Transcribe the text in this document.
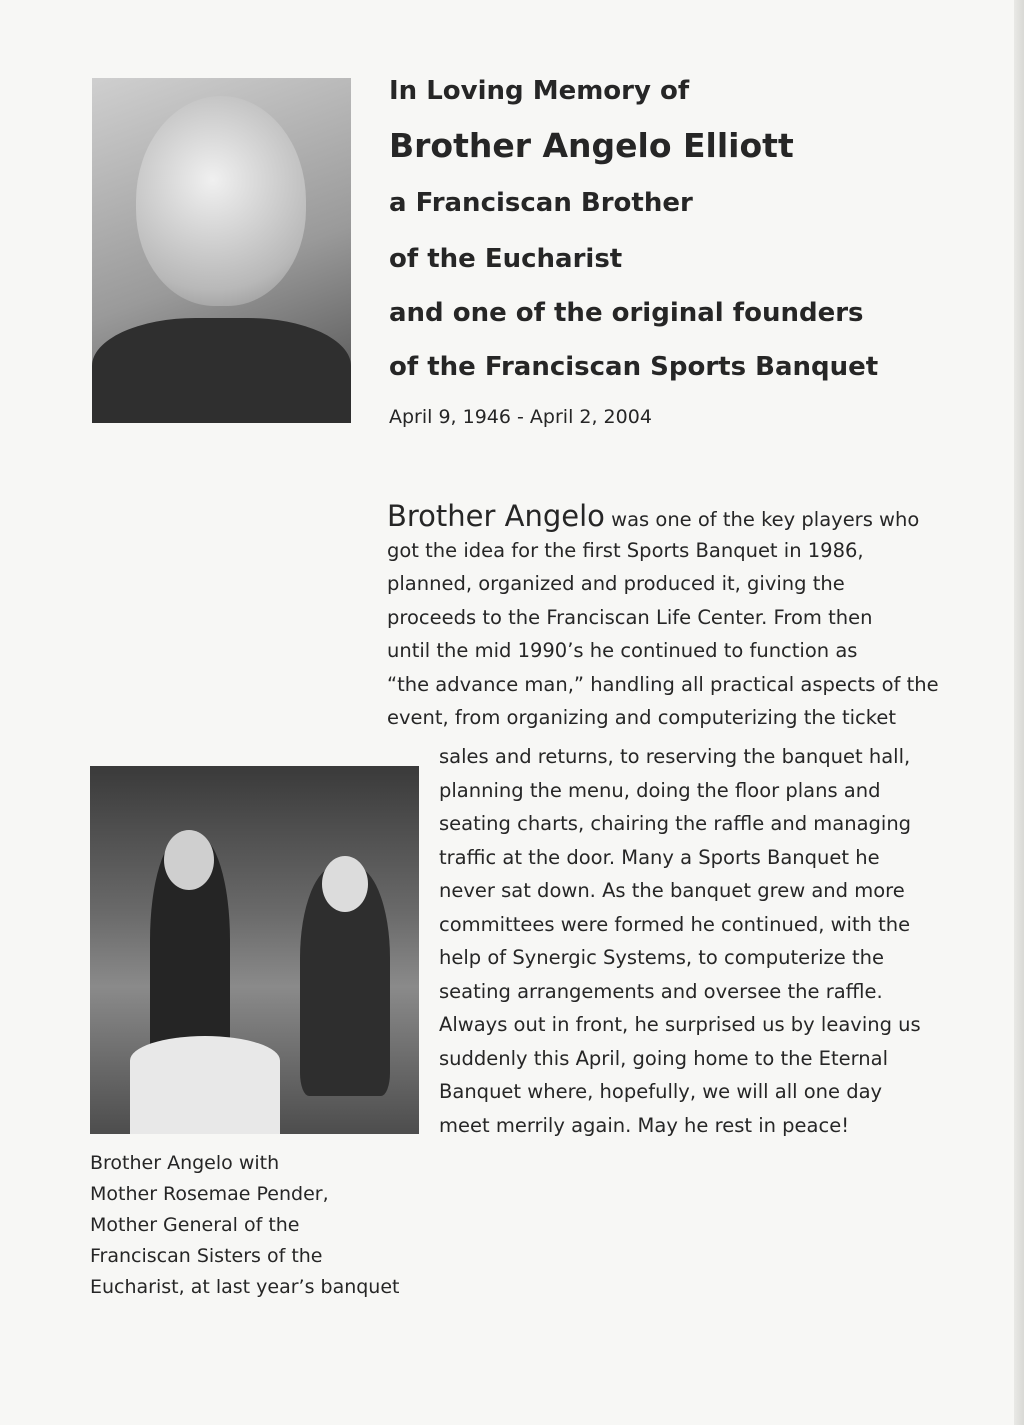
In Loving Memory of
Brother Angelo Elliott
a Franciscan Brother
of the Eucharist
and one of the original founders
of the Franciscan Sports Banquet
April 9, 1946 - April 2, 2004
Brother Angelo was one of the key players who
got the idea for the first Sports Banquet in 1986,
planned, organized and produced it, giving the
proceeds to the Franciscan Life Center. From then
until the mid 1990’s he continued to function as
“the advance man,” handling all practical aspects of the
event, from organizing and computerizing the ticket
sales and returns, to reserving the banquet hall,
planning the menu, doing the floor plans and
seating charts, chairing the raffle and managing
traffic at the door. Many a Sports Banquet he
never sat down. As the banquet grew and more
committees were formed he continued, with the
help of Synergic Systems, to computerize the
seating arrangements and oversee the raffle.
Always out in front, he surprised us by leaving us
suddenly this April, going home to the Eternal
Banquet where, hopefully, we will all one day
meet merrily again. May he rest in peace!
Brother Angelo with
Mother Rosemae Pender,
Mother General of the
Franciscan Sisters of the
Eucharist, at last year’s banquet
